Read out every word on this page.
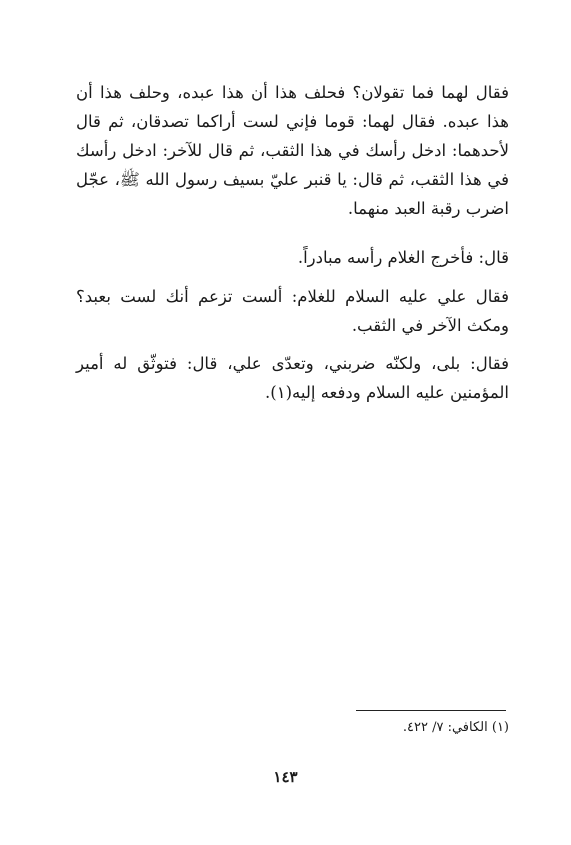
فقال لهما فما تقولان؟ فحلف هذا أن هذا عبده، وحلف هذا أن هذا عبده. فقال لهما: قوما فإني لست أراكما تصدقان، ثم قال لأحدهما: ادخل رأسك في هذا الثقب، ثم قال للآخر: ادخل رأسك في هذا الثقب، ثم قال: يا قنبر عليّ بسيف رسول الله ﷺ، عجّل اضرب رقبة العبد منهما.

قال: فأخرج الغلام رأسه مبادراً.

فقال علي عليه السلام للغلام: ألست تزعم أنك لست بعبد؟ ومكث الآخر في الثقب.

فقال: بلى، ولكنّه ضربني، وتعدّى علي، قال: فتوثّق له أمير المؤمنين عليه السلام ودفعه إليه(١).

(١) الكافي: ٧/ ٤٢٢.

١٤٣
